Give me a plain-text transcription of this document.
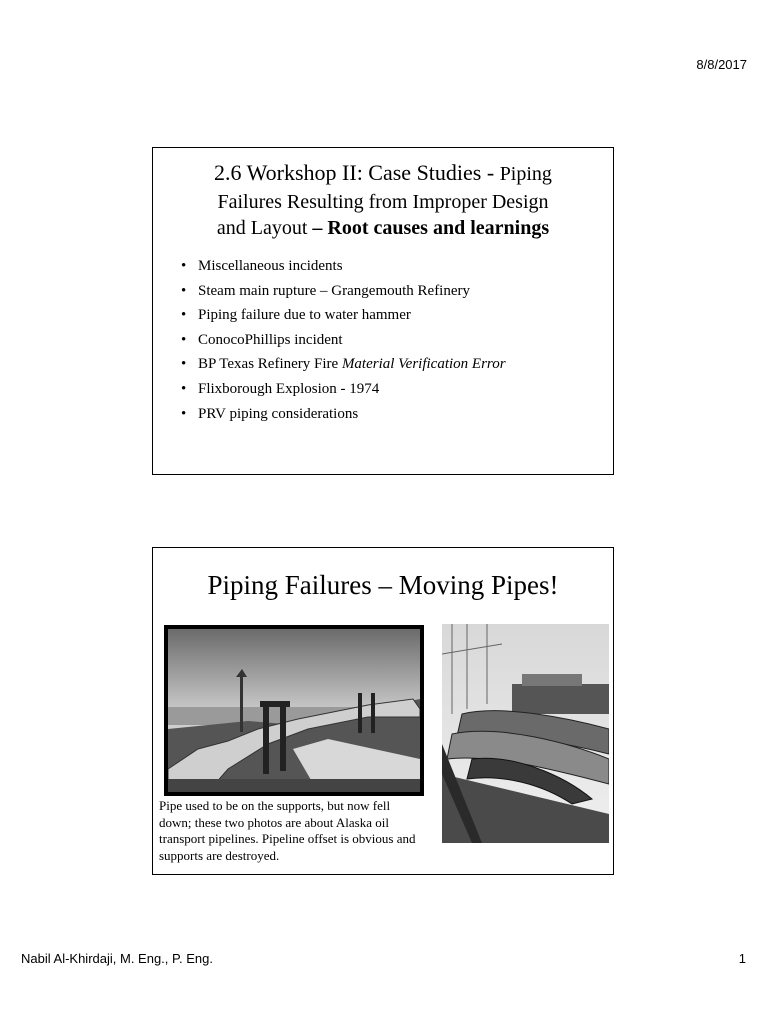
8/8/2017
2.6 Workshop II: Case Studies - Piping
Failures Resulting from Improper Design
and Layout – Root causes and learnings
• Miscellaneous incidents
• Steam main rupture – Grangemouth Refinery
• Piping failure due to water hammer
• ConocoPhillips incident
• BP Texas Refinery Fire Material Verification Error
• Flixborough Explosion - 1974
• PRV piping considerations
Piping Failures – Moving Pipes!
Pipe used to be on the supports, but now fell down; these two photos are about Alaska oil transport pipelines. Pipeline offset is obvious and supports are destroyed.
Nabil Al-Khirdaji, M. Eng., P. Eng.	1
